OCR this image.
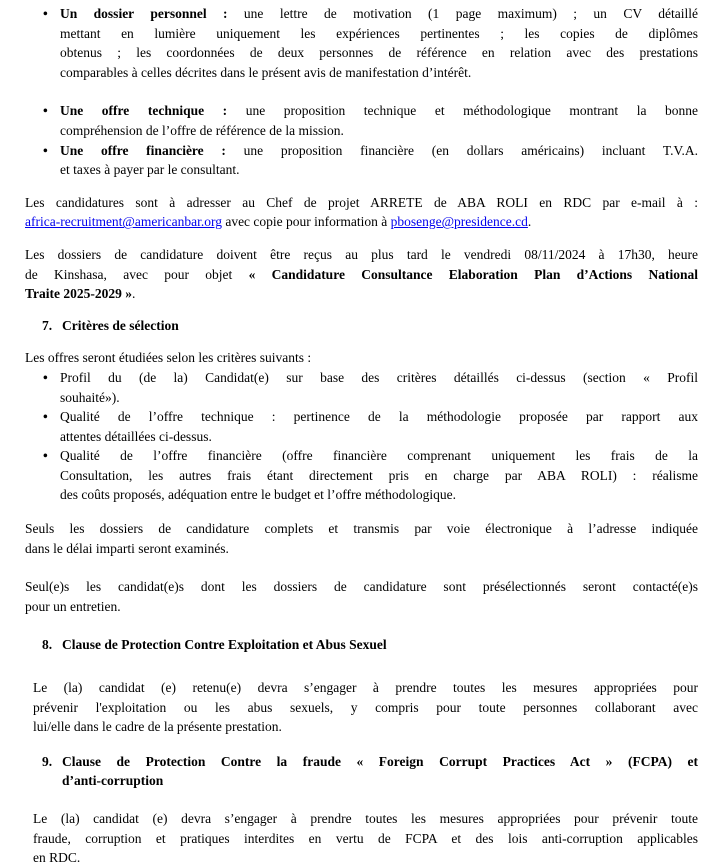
• Un dossier personnel : une lettre de motivation (1 page maximum) ; un CV détaillé
mettant en lumière uniquement les expériences pertinentes ; les copies de diplômes
obtenus ; les coordonnées de deux personnes de référence en relation avec des prestations
comparables à celles décrites dans le présent avis de manifestation d’intérêt.
• Une offre technique : une proposition technique et méthodologique montrant la bonne
compréhension de l’offre de référence de la mission.
• Une offre financière : une proposition financière (en dollars américains) incluant T.V.A.
et taxes à payer par le consultant.
Les candidatures sont à adresser au Chef de projet ARRETE de ABA ROLI en RDC par e-mail à :
africa-recruitment@americanbar.org avec copie pour information à pbosenge@presidence.cd.
Les dossiers de candidature doivent être reçus au plus tard le vendredi 08/11/2024 à 17h30, heure
de Kinshasa, avec pour objet « Candidature Consultance Elaboration Plan d’Actions National
Traite 2025-2029 ».
7. Critères de sélection
Les offres seront étudiées selon les critères suivants :
• Profil du (de la) Candidat(e) sur base des critères détaillés ci-dessus (section « Profil
souhaité»).
• Qualité de l’offre technique : pertinence de la méthodologie proposée par rapport aux
attentes détaillées ci-dessus.
• Qualité de l’offre financière (offre financière comprenant uniquement les frais de la
Consultation, les autres frais étant directement pris en charge par ABA ROLI) : réalisme
des coûts proposés, adéquation entre le budget et l’offre méthodologique.
Seuls les dossiers de candidature complets et transmis par voie électronique à l’adresse indiquée
dans le délai imparti seront examinés.
Seul(e)s les candidat(e)s dont les dossiers de candidature sont présélectionnés seront contacté(e)s
pour un entretien.
8. Clause de Protection Contre Exploitation et Abus Sexuel
Le (la) candidat (e) retenu(e) devra s’engager à prendre toutes les mesures appropriées pour
prévenir l'exploitation ou les abus sexuels, y compris pour toute personnes collaborant avec
lui/elle dans le cadre de la présente prestation.
9. Clause de Protection Contre la fraude « Foreign Corrupt Practices Act » (FCPA) et
d’anti-corruption
Le (la) candidat (e) devra s’engager à prendre toutes les mesures appropriées pour prévenir toute
fraude, corruption et pratiques interdites en vertu de FCPA et des lois anti-corruption applicables
en RDC.
